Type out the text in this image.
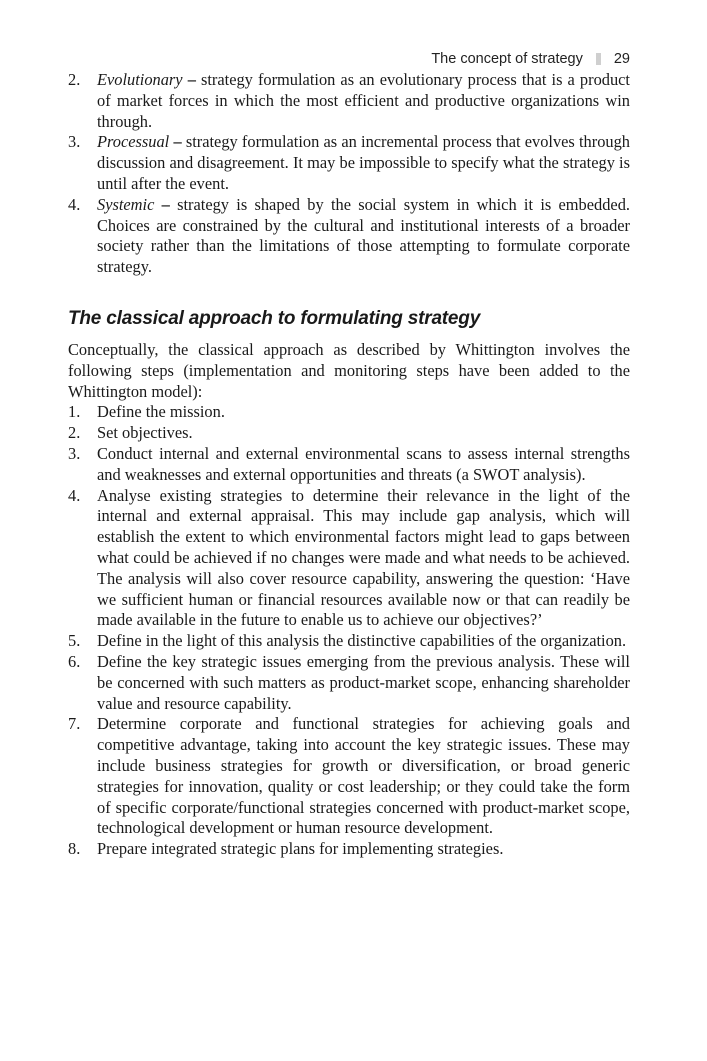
The concept of strategy 29
2.	Evolutionary – strategy formulation as an evolutionary process that is a product of market forces in which the most efficient and productive organizations win through.
3.	Processual – strategy formulation as an incremental process that evolves through discussion and disagreement. It may be impossible to specify what the strategy is until after the event.
4.	Systemic – strategy is shaped by the social system in which it is embedded. Choices are constrained by the cultural and institutional interests of a broader society rather than the limitations of those attempting to formulate corporate strategy.
The classical approach to formulating strategy

Conceptually, the classical approach as described by Whittington involves the following steps (implementation and monitoring steps have been added to the Whittington model):

1.	Define the mission.
2.	Set objectives.
3.	Conduct internal and external environmental scans to assess internal strengths and weaknesses and external opportunities and threats (a SWOT analysis).
4.	Analyse existing strategies to determine their relevance in the light of the internal and external appraisal. This may include gap analysis, which will establish the extent to which environmental factors might lead to gaps between what could be achieved if no changes were made and what needs to be achieved. The analysis will also cover resource capability, answering the question: ‘Have we sufficient human or financial resources available now or that can readily be made available in the future to enable us to achieve our objectives?’
5.	Define in the light of this analysis the distinctive capabilities of the organization.
6.	Define the key strategic issues emerging from the previous analysis. These will be concerned with such matters as product-market scope, enhancing shareholder value and resource capability.
7.	Determine corporate and functional strategies for achieving goals and competitive advantage, taking into account the key strategic issues. These may include business strategies for growth or diversification, or broad generic strategies for innovation, quality or cost leadership; or they could take the form of specific corporate/functional strategies concerned with product-market scope, technological development or human resource development.
8.	Prepare integrated strategic plans for implementing strategies.
